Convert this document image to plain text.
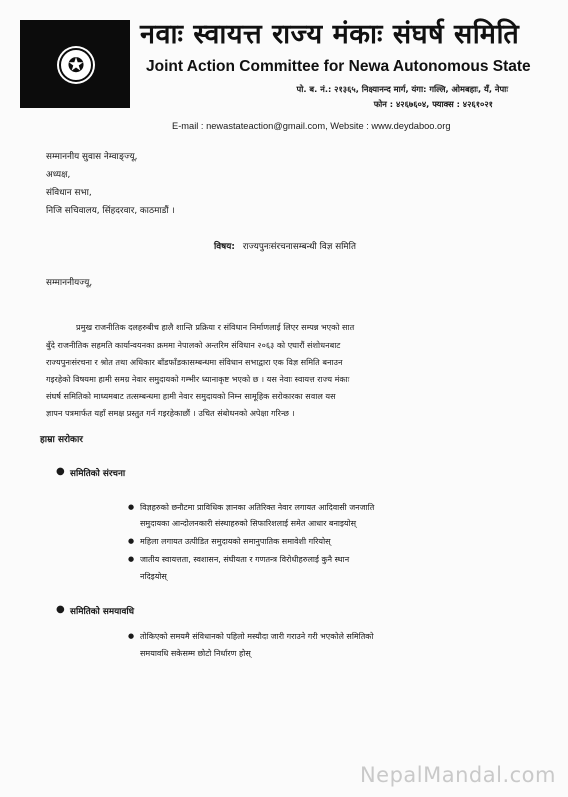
✪
नवाः स्वायत्त राज्य मंकाः संघर्ष समिति
Joint Action Committee for Newa Autonomous State
पो. ब. नं.: २१३६५, निक्ष्यानन्द मार्ग, यंगा: गल्लि, ओमबहाः, यँ, नेपाः
फोन : ४२६७६०४, फ्याक्स : ४२६१०२१
E-mail : newastateaction@gmail.com, Website : www.deydaboo.org
सम्माननीय सुवास नेम्वाङ्ज्यू,
अध्यक्ष,
संविधान सभा,
निजि सचिवालय, सिंहदरवार, काठमाडौं ।
विषय: राज्यपुनःसंरचनासम्बन्धी विज्ञ समिति
सम्माननीयज्यू,
प्रमुख राजनीतिक दलहरुबीच हालै शान्ति प्रक्रिया र संविधान निर्माणलाई लिएर सम्पन्न भएको सात
बुँदे राजनीतिक सहमति कार्यान्वयनका क्रममा नेपालको अन्तरिम संविधान २०६३ को एघारौं संशोधनबाट
राज्यपुनःसंरचना र श्रोत तथा अधिकार बाँडफाँडकासम्बन्धमा संविधान सभाद्वारा एक विज्ञ समिति बनाउन
गइरहेको विषयमा हामी समग्र नेवार समुदायको गम्भीर ध्यानाकृष्ट भएको छ । यस नेवाः स्वायत्त राज्य मंकाः
संघर्ष समितिको माध्यमबाट तत्सम्बन्धमा हामी नेवार समुदायको निम्न सामूहिक सरोकारका सवाल यस
ज्ञापन पत्रमार्फत यहाँ समक्ष प्रस्तुत गर्न गइरहेकाछौं । उचित संबोधनको अपेक्षा गरिन्छ ।
हाम्रा सरोकार
● समितिको संरचना
● विज्ञहरुको छनौटमा प्राविधिक ज्ञानका अतिरिक्त नेवार लगायत आदिवासी जनजाति
समुदायका आन्दोलनकारी संस्थाहरुको सिफारिशलाई समेत आधार बनाइयोस्
● महिला लगायत उत्पीडित समुदायको समानुपातिक समावेशी गरियोस्
● जातीय स्वायत्तता, स्वशासन, संघीयता र गणतन्त्र विरोधीहरुलाई कुनै स्थान
नदिइयोस्
● समितिको समयावधि
● तोकिएको समयमै संविधानको पहिलो मस्यौदा जारी गराउने गरी भएकोले समितिको
समयावधि सकेसम्म छोटो निर्धारण होस्
NepalMandal.com
